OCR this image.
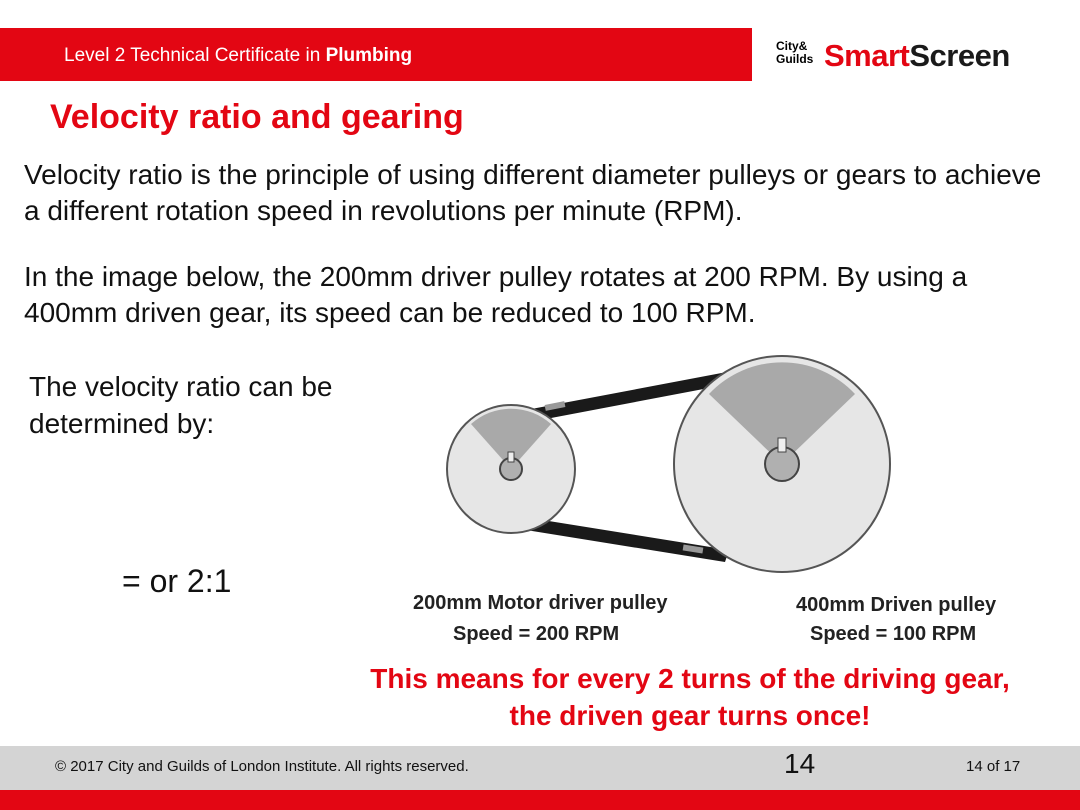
Level 2 Technical Certificate in Plumbing	City&
Guilds SmartScreen
Velocity ratio and gearing

Velocity ratio is the principle of using different diameter pulleys or gears to achieve a different rotation speed in revolutions per minute (RPM).

In the image below, the 200mm driver pulley rotates at 200 RPM. By using a 400mm driven gear, its speed can be reduced to 100 RPM.

The velocity ratio can be determined by:

= or 2:1
200mm Motor driver pulley
Speed = 200 RPM
400mm Driven pulley
Speed = 100 RPM

This means for every 2 turns of the driving gear, the driven gear turns once!

© 2017 City and Guilds of London Institute. All rights reserved.	14	14 of 17
